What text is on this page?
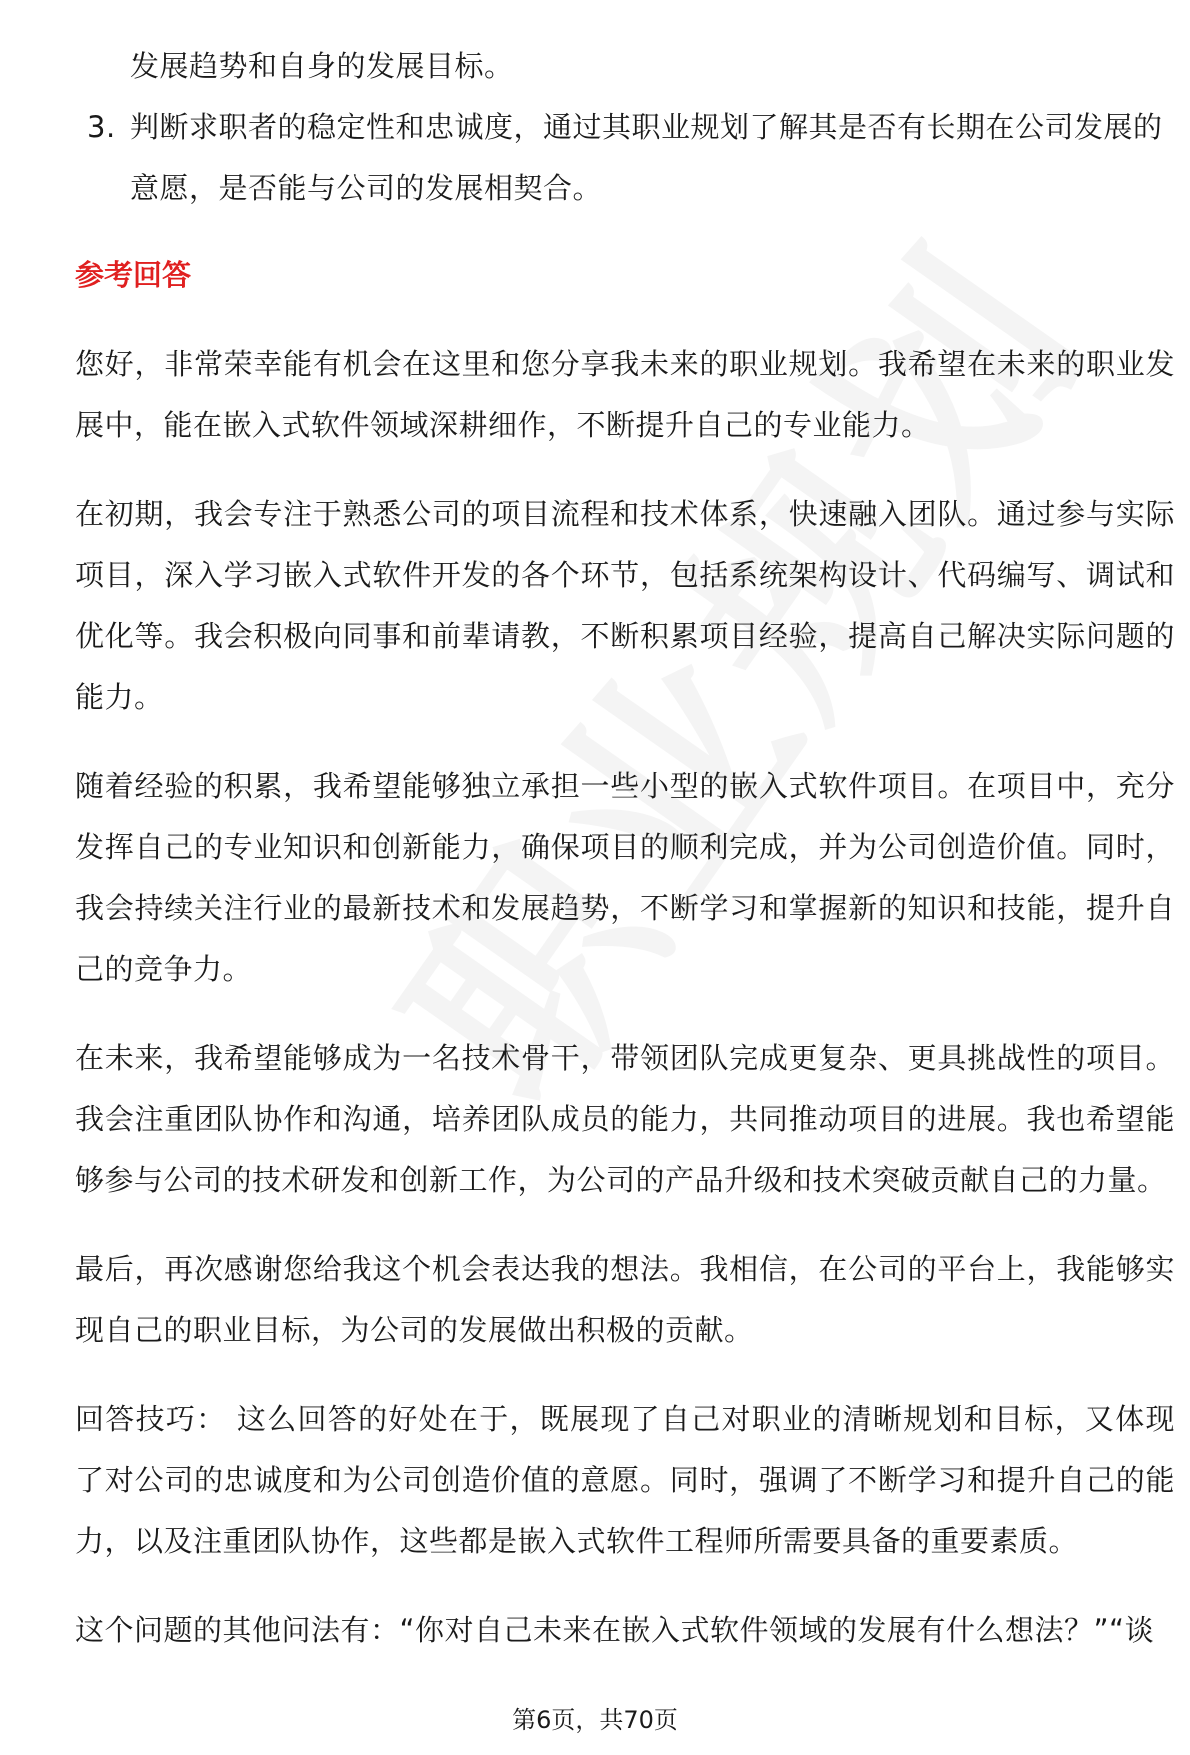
发展趋势和自身的发展目标。

3. 判断求职者的稳定性和忠诚度，通过其职业规划了解其是否有长期在公司发展的意愿，是否能与公司的发展相契合。
参考回答

您好，非常荣幸能有机会在这里和您分享我未来的职业规划。我希望在未来的职业发展中，能在嵌入式软件领域深耕细作，不断提升自己的专业能力。

在初期，我会专注于熟悉公司的项目流程和技术体系，快速融入团队。通过参与实际项目，深入学习嵌入式软件开发的各个环节，包括系统架构设计、代码编写、调试和优化等。我会积极向同事和前辈请教，不断积累项目经验，提高自己解决实际问题的能力。

随着经验的积累，我希望能够独立承担一些小型的嵌入式软件项目。在项目中，充分发挥自己的专业知识和创新能力，确保项目的顺利完成，并为公司创造价值。同时，我会持续关注行业的最新技术和发展趋势，不断学习和掌握新的知识和技能，提升自己的竞争力。

在未来，我希望能够成为一名技术骨干，带领团队完成更复杂、更具挑战性的项目。我会注重团队协作和沟通，培养团队成员的能力，共同推动项目的进展。我也希望能够参与公司的技术研发和创新工作，为公司的产品升级和技术突破贡献自己的力量。

最后，再次感谢您给我这个机会表达我的想法。我相信，在公司的平台上，我能够实现自己的职业目标，为公司的发展做出积极的贡献。

回答技巧： 这么回答的好处在于，既展现了自己对职业的清晰规划和目标，又体现了对公司的忠诚度和为公司创造价值的意愿。同时，强调了不断学习和提升自己的能力，以及注重团队协作，这些都是嵌入式软件工程师所需要具备的重要素质。

这个问题的其他问法有：“你对自己未来在嵌入式软件领域的发展有什么想法？”“谈

第6页，共70页
